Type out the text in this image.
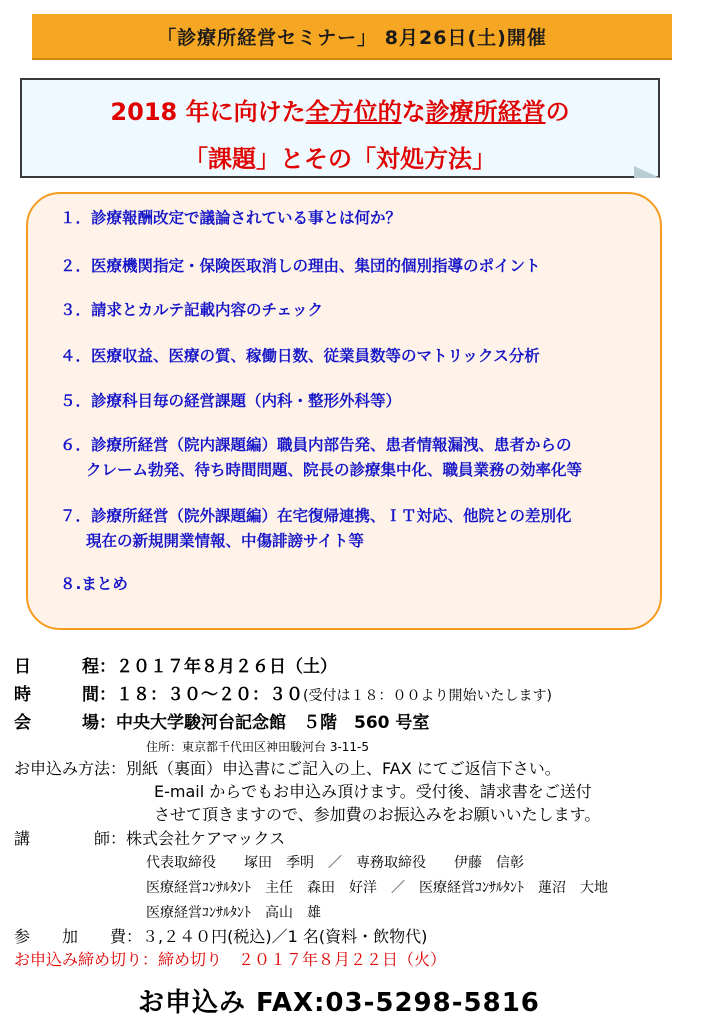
「診療所経営セミナー」 8月26日(土)開催
2018 年に向けた全方位的な診療所経営の
「課題」とその「対処方法」
１．診療報酬改定で議論されている事とは何か？
２．医療機関指定・保険医取消しの理由、集団的個別指導のポイント
３．請求とカルテ記載内容のチェック
４．医療収益、医療の質、稼働日数、従業員数等のマトリックス分析
５．診療科目毎の経営課題（内科・整形外科等）
６．診療所経営（院内課題編）職員内部告発、患者情報漏洩、患者からの
クレーム勃発、待ち時間問題、院長の診療集中化、職員業務の効率化等
７．診療所経営（院外課題編）在宅復帰連携、ＩＴ対応、他院との差別化
現在の新規開業情報、中傷誹謗サイト等
８.まとめ
日　　　程：２０１７年８月２６日（土）
時　　　間：１８：３０～２０：３０(受付は１８：００より開始いたします)
会　　　場：中央大学駿河台記念館　５階　560 号室
住所：東京都千代田区神田駿河台 3-11-5
お申込み方法：別紙（裏面）申込書にご記入の上、FAX にてご返信下さい。
E-mail からでもお申込み頂けます。受付後、請求書をご送付
させて頂きますので、参加費のお振込みをお願いいたします。
講　　　　師：株式会社ケアマックス
代表取締役　　塚田　季明　／　専務取締役　　伊藤　信彰
医療経営ｺﾝｻﾙﾀﾝﾄ　主任　森田　好洋　／　医療経営ｺﾝｻﾙﾀﾝﾄ　蓮沼　大地
医療経営ｺﾝｻﾙﾀﾝﾄ　高山　雄
参　　加　　費：３,２４０円(税込)／1 名(資料・飲物代)
お申込み締め切り：締め切り　２０１７年８月２２日（火）
お申込み FAX:03-5298-5816
